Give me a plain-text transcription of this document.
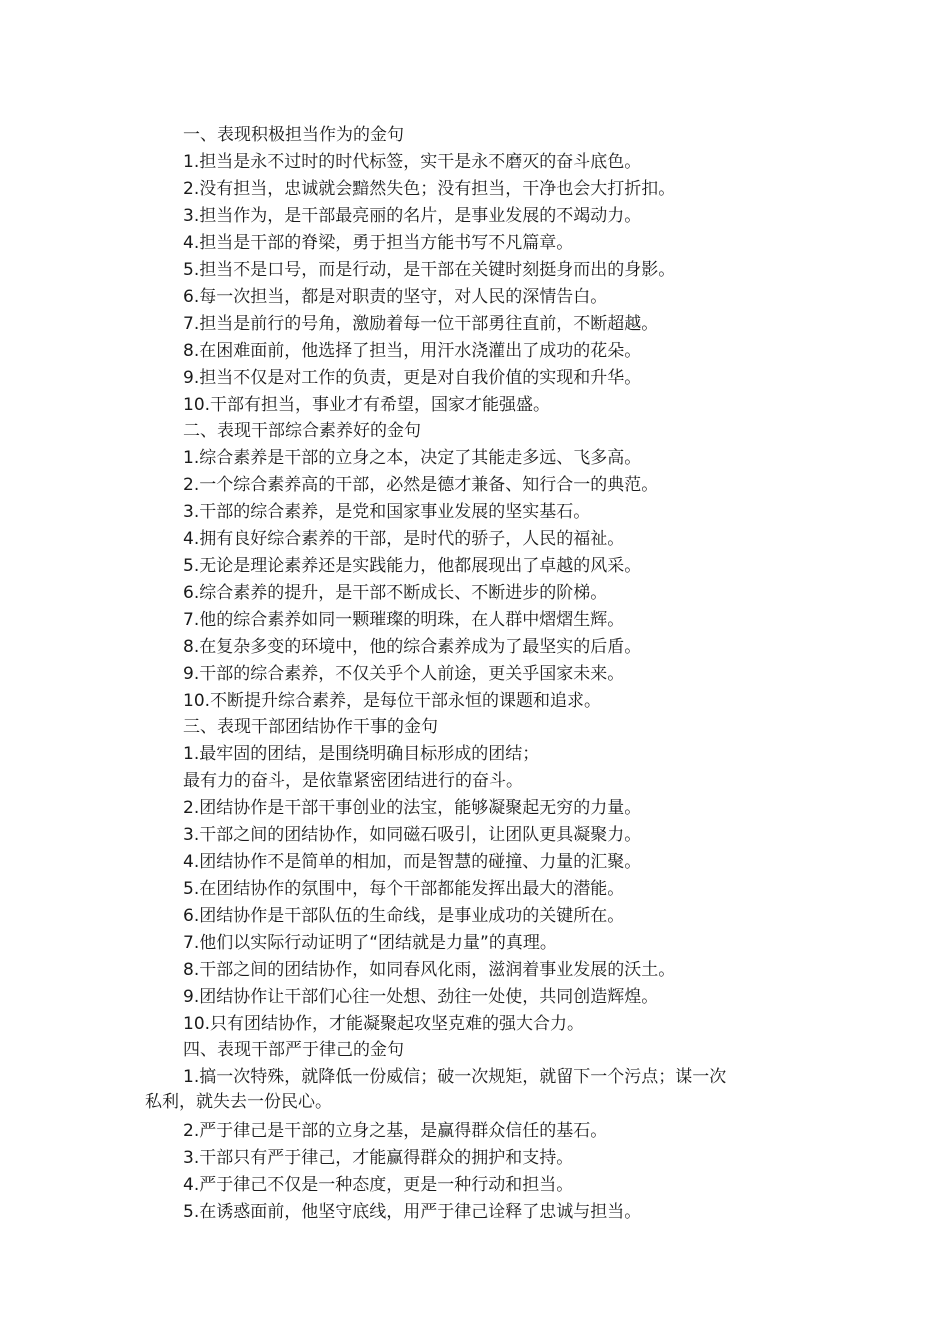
一、表现积极担当作为的金句
1.担当是永不过时的时代标签，实干是永不磨灭的奋斗底色。
2.没有担当，忠诚就会黯然失色；没有担当，干净也会大打折扣。
3.担当作为，是干部最亮丽的名片，是事业发展的不竭动力。
4.担当是干部的脊梁，勇于担当方能书写不凡篇章。
5.担当不是口号，而是行动，是干部在关键时刻挺身而出的身影。
6.每一次担当，都是对职责的坚守，对人民的深情告白。
7.担当是前行的号角，激励着每一位干部勇往直前，不断超越。
8.在困难面前，他选择了担当，用汗水浇灌出了成功的花朵。
9.担当不仅是对工作的负责，更是对自我价值的实现和升华。
10.干部有担当，事业才有希望，国家才能强盛。
二、表现干部综合素养好的金句
1.综合素养是干部的立身之本，决定了其能走多远、飞多高。
2.一个综合素养高的干部，必然是德才兼备、知行合一的典范。
3.干部的综合素养，是党和国家事业发展的坚实基石。
4.拥有良好综合素养的干部，是时代的骄子，人民的福祉。
5.无论是理论素养还是实践能力，他都展现出了卓越的风采。
6.综合素养的提升，是干部不断成长、不断进步的阶梯。
7.他的综合素养如同一颗璀璨的明珠，在人群中熠熠生辉。
8.在复杂多变的环境中，他的综合素养成为了最坚实的后盾。
9.干部的综合素养，不仅关乎个人前途，更关乎国家未来。
10.不断提升综合素养，是每位干部永恒的课题和追求。
三、表现干部团结协作干事的金句
1.最牢固的团结，是围绕明确目标形成的团结；
最有力的奋斗，是依靠紧密团结进行的奋斗。
2.团结协作是干部干事创业的法宝，能够凝聚起无穷的力量。
3.干部之间的团结协作，如同磁石吸引，让团队更具凝聚力。
4.团结协作不是简单的相加，而是智慧的碰撞、力量的汇聚。
5.在团结协作的氛围中，每个干部都能发挥出最大的潜能。
6.团结协作是干部队伍的生命线，是事业成功的关键所在。
7.他们以实际行动证明了“团结就是力量”的真理。
8.干部之间的团结协作，如同春风化雨，滋润着事业发展的沃土。
9.团结协作让干部们心往一处想、劲往一处使，共同创造辉煌。
10.只有团结协作，才能凝聚起攻坚克难的强大合力。
四、表现干部严于律己的金句
1.搞一次特殊，就降低一份威信；破一次规矩，就留下一个污点；谋一次
私利，就失去一份民心。
2.严于律己是干部的立身之基，是赢得群众信任的基石。
3.干部只有严于律己，才能赢得群众的拥护和支持。
4.严于律己不仅是一种态度，更是一种行动和担当。
5.在诱惑面前，他坚守底线，用严于律己诠释了忠诚与担当。
